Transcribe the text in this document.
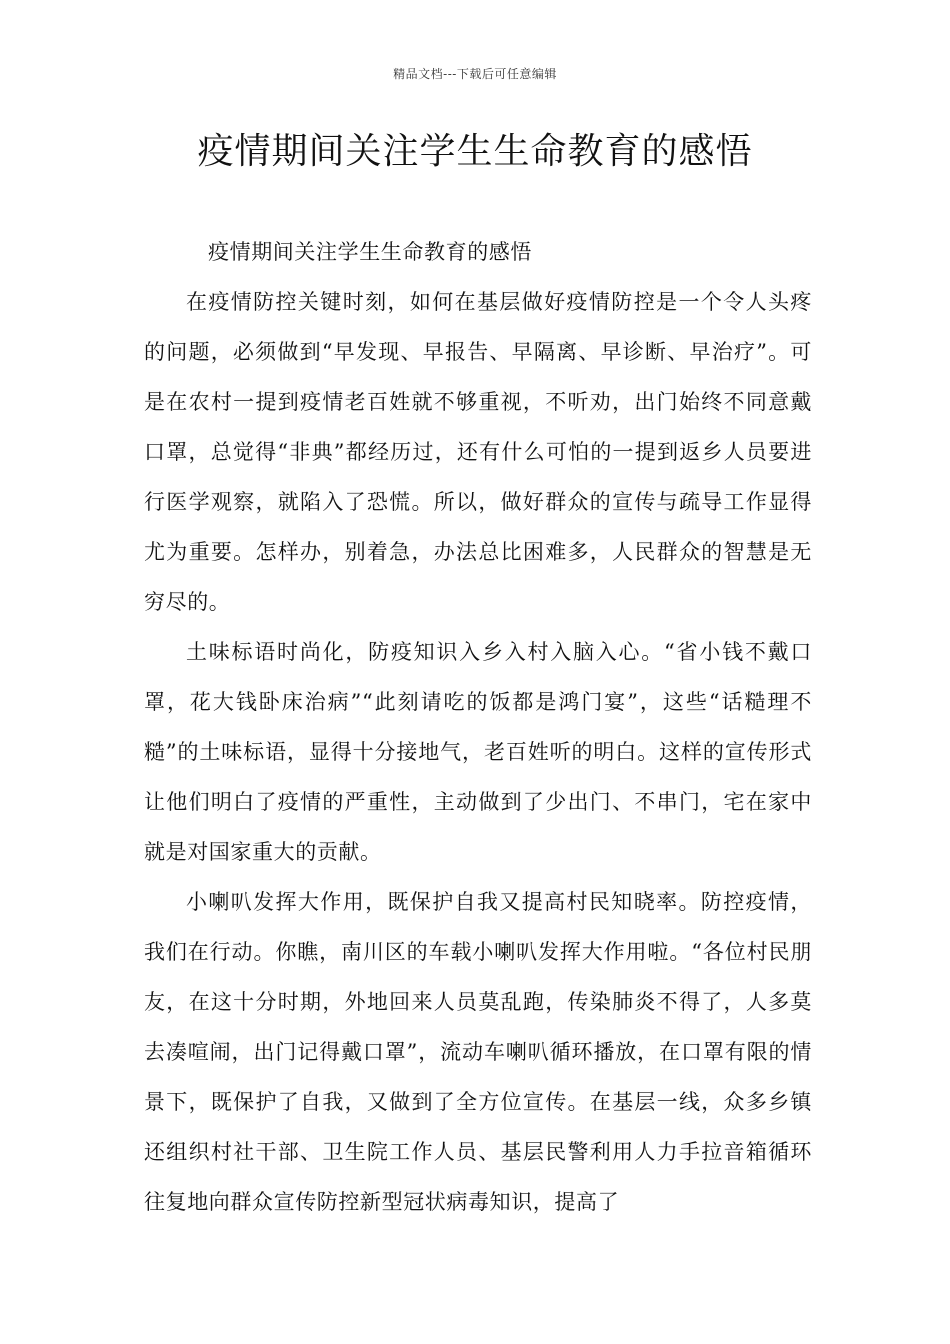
精品文档---下载后可任意编辑
疫情期间关注学生生命教育的感悟

疫情期间关注学生生命教育的感悟

在疫情防控关键时刻，如何在基层做好疫情防控是一个令人头疼的问题，必须做到“早发现、早报告、早隔离、早诊断、早治疗”。可是在农村一提到疫情老百姓就不够重视，不听劝，出门始终不同意戴口罩，总觉得“非典”都经历过，还有什么可怕的一提到返乡人员要进行医学观察，就陷入了恐慌。所以，做好群众的宣传与疏导工作显得尤为重要。怎样办，别着急，办法总比困难多，人民群众的智慧是无穷尽的。

土味标语时尚化，防疫知识入乡入村入脑入心。“省小钱不戴口罩，花大钱卧床治病”“此刻请吃的饭都是鸿门宴”，这些“话糙理不糙”的土味标语，显得十分接地气，老百姓听的明白。这样的宣传形式让他们明白了疫情的严重性，主动做到了少出门、不串门，宅在家中就是对国家重大的贡献。

小喇叭发挥大作用，既保护自我又提高村民知晓率。防控疫情，我们在行动。你瞧，南川区的车载小喇叭发挥大作用啦。“各位村民朋友，在这十分时期，外地回来人员莫乱跑，传染肺炎不得了，人多莫去凑喧闹，出门记得戴口罩”，流动车喇叭循环播放，在口罩有限的情景下，既保护了自我，又做到了全方位宣传。在基层一线，众多乡镇还组织村社干部、卫生院工作人员、基层民警利用人力手拉音箱循环往复地向群众宣传防控新型冠状病毒知识，提高了
